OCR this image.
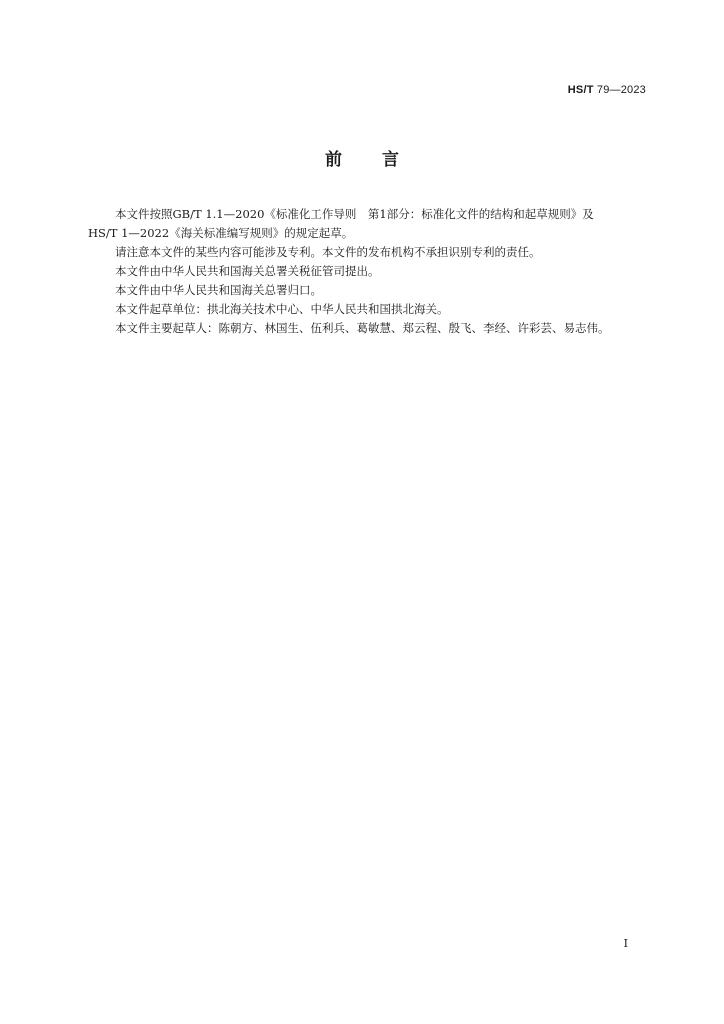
HS/T 79—2023
前言

本文件按照GB/T 1.1—2020《标准化工作导则　第1部分：标准化文件的结构和起草规则》及

HS/T 1—2022《海关标准编写规则》的规定起草。

请注意本文件的某些内容可能涉及专利。本文件的发布机构不承担识别专利的责任。

本文件由中华人民共和国海关总署关税征管司提出。

本文件由中华人民共和国海关总署归口。

本文件起草单位：拱北海关技术中心、中华人民共和国拱北海关。

本文件主要起草人：陈朝方、林国生、伍利兵、葛敏慧、郑云程、殷飞、李经、许彩芸、易志伟。

I
